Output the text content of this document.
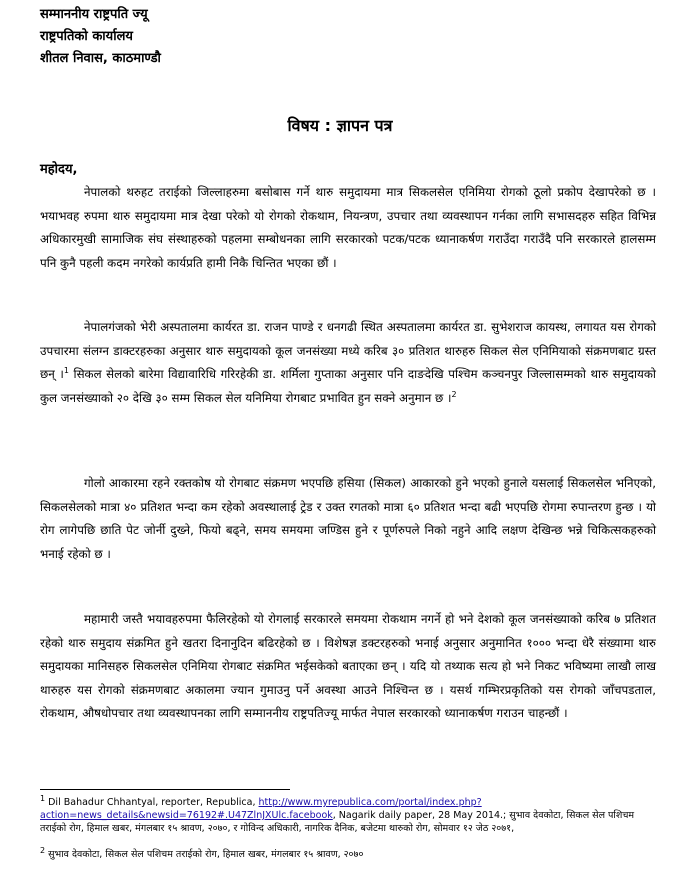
सम्माननीय राष्ट्रपति ज्यू
राष्ट्रपतिको कार्यालय
शीतल निवास, काठमाण्डौ
विषय : ज्ञापन पत्र
महोदय,

नेपालको थरुहट तराईको जिल्लाहरुमा बसोबास गर्ने थारु समुदायमा मात्र सिकलसेल एनिमिया रोगको ठूलो प्रकोप देखापरेको छ । भयाभवह रुपमा थारु समुदायमा मात्र देखा परेको यो रोगको रोकथाम, नियन्त्रण, उपचार तथा व्यवस्थापन गर्नका लागि सभासदहरु सहित विभिन्न अधिकारमुखी सामाजिक संघ संस्थाहरुको पहलमा सम्बोधनका लागि सरकारको पटक/पटक ध्यानाकर्षण गराउँदा गराउँदै पनि सरकारले हालसम्म पनि कुनै पहली कदम नगरेको कार्यप्रति हामी निकै चिन्तित भएका छौं ।

नेपालगंजको भेरी अस्पतालमा कार्यरत डा. राजन पाण्डे र धनगढी स्थित अस्पतालमा कार्यरत डा. सुभेशराज कायस्थ, लगायत यस रोगको उपचारमा संलग्न डाक्टरहरुका अनुसार थारु समुदायको कूल जनसंख्या मध्ये करिब ३० प्रतिशत थारुहरु सिकल सेल एनिमियाको संक्रमणबाट ग्रस्त छन् ।$^1$ सिकल सेलको बारेमा विद्यावारिधि गरिरहेकी डा. शर्मिला गुप्ताका अनुसार पनि दाङदेखि पश्चिम कञ्चनपुर जिल्लासम्मको थारु समुदायको कुल जनसंख्याको २० देखि ३० सम्म सिकल सेल यनिमिया रोगबाट प्रभावित हुन सक्ने अनुमान छ ।$^2$

गोलो आकारमा रहने रक्तकोष यो रोगबाट संक्रमण भएपछि हसिया (सिकल) आकारको हुने भएको हुनाले यसलाई सिकलसेल भनिएको, सिकलसेलको मात्रा ४० प्रतिशत भन्दा कम रहेको अवस्थालाई ट्रेड र उक्त रगतको मात्रा ६० प्रतिशत भन्दा बढी भएपछि रोगमा रुपान्तरण हुन्छ । यो रोग लागेपछि छाति पेट जोर्नी दुख्ने, फियो बढ्ने, समय समयमा जण्डिस हुने र पूर्णरुपले निको नहुने आदि लक्षण देखिन्छ भन्ने चिकित्सकहरुको भनाई रहेको छ ।

महामारी जस्तै भयावहरुपमा फैलिरहेको यो रोगलाई सरकारले समयमा रोकथाम नगर्ने हो भने देशको कूल जनसंख्याको करिब ७ प्रतिशत रहेको थारु समुदाय संक्रमित हुने खतरा दिनानुदिन बढिरहेको छ । विशेषज्ञ डक्टरहरुको भनाई अनुसार अनुमानित १००० भन्दा धेरै संख्यामा थारु समुदायका मानिसहरु सिकलसेल एनिमिया रोगबाट संक्रमित भईसकेको बताएका छन् । यदि यो तथ्याक सत्य हो भने निकट भविष्यमा लाखौ लाख थारुहरु यस रोगको संक्रमणबाट अकालमा ज्यान गुमाउनु पर्ने अवस्था आउने निश्चिन्त छ । यसर्थ गम्भिरप्रकृतिको यस रोगको जाँचपडताल, रोकथाम, औषधोपचार तथा व्यवस्थापनका लागि सम्माननीय राष्ट्रपतिज्यू मार्फत नेपाल सरकारको ध्यानाकर्षण गराउन चाहन्छौं ।

$^1$ Dil Bahadur Chhantyal, reporter, Republica, http://www.myrepublica.com/portal/index.php?action=news_details&newsid=76192#.U47ZlnJXUlc.facebook, Nagarik daily paper, 28 May 2014.; सुभाव देवकोटा, सिकल सेल पशिचम तराईको रोग, हिमाल खबर, मंगलबार १५ श्रावण, २०७०, र गोविन्द अधिकारी, नागरिक दैनिक, बजेटमा थारुको रोग, सोमवार १२ जेठ २०७१,
$^2$ सुभाव देवकोटा, सिकल सेल पशिचम तराईको रोग, हिमाल खबर, मंगलबार १५ श्रावण, २०७०
